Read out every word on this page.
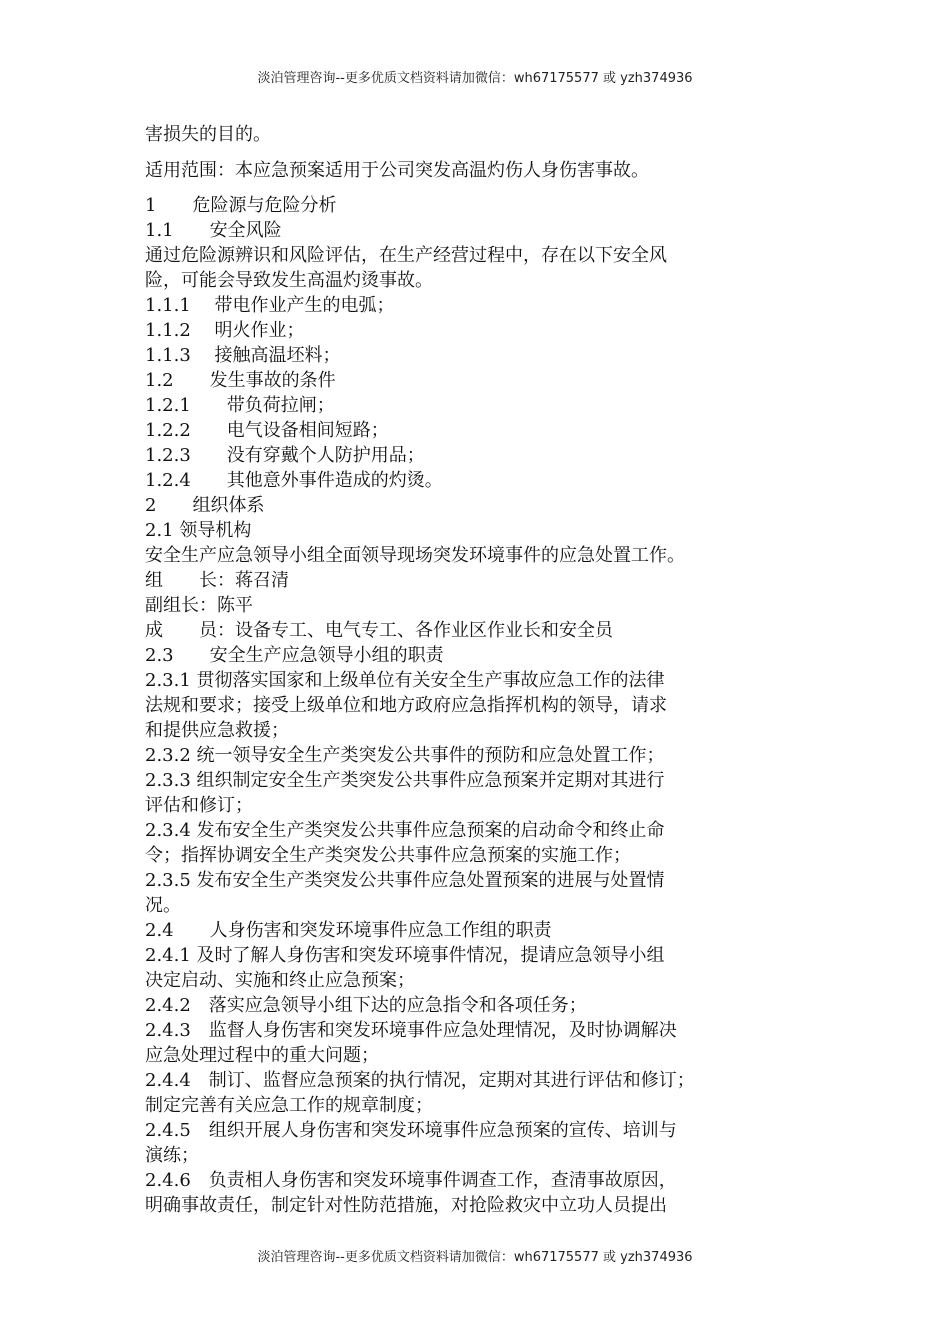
淡泊管理咨询--更多优质文档资料请加微信：wh67175577 或 yzh374936
害损失的目的。
适用范围：本应急预案适用于公司突发高温灼伤人身伤害事故。
1　　危险源与危险分析
1.1　　安全风险
通过危险源辨识和风险评估，在生产经营过程中，存在以下安全风
险，可能会导致发生高温灼烫事故。
1.1.1　 带电作业产生的电弧；
1.1.2　 明火作业；
1.1.3　 接触高温坯料；
1.2　　发生事故的条件
1.2.1　　带负荷拉闸；
1.2.2　　电气设备相间短路；
1.2.3　　没有穿戴个人防护用品；
1.2.4　　其他意外事件造成的灼烫。
2　　组织体系
2.1 领导机构
安全生产应急领导小组全面领导现场突发环境事件的应急处置工作。
组　　长：蒋召清
副组长：陈平
成　　员：设备专工、电气专工、各作业区作业长和安全员
2.3　　安全生产应急领导小组的职责
2.3.1 贯彻落实国家和上级单位有关安全生产事故应急工作的法律
法规和要求；接受上级单位和地方政府应急指挥机构的领导，请求
和提供应急救援；
2.3.2 统一领导安全生产类突发公共事件的预防和应急处置工作；
2.3.3 组织制定安全生产类突发公共事件应急预案并定期对其进行
评估和修订；
2.3.4 发布安全生产类突发公共事件应急预案的启动命令和终止命
令；指挥协调安全生产类突发公共事件应急预案的实施工作；
2.3.5 发布安全生产类突发公共事件应急处置预案的进展与处置情
况。
2.4　　人身伤害和突发环境事件应急工作组的职责
2.4.1 及时了解人身伤害和突发环境事件情况，提请应急领导小组
决定启动、实施和终止应急预案；
2.4.2　落实应急领导小组下达的应急指令和各项任务；
2.4.3　监督人身伤害和突发环境事件应急处理情况，及时协调解决
应急处理过程中的重大问题；
2.4.4　制订、监督应急预案的执行情况，定期对其进行评估和修订；
制定完善有关应急工作的规章制度；
2.4.5　组织开展人身伤害和突发环境事件应急预案的宣传、培训与
演练；
2.4.6　负责相人身伤害和突发环境事件调查工作，查清事故原因，
明确事故责任，制定针对性防范措施，对抢险救灾中立功人员提出
淡泊管理咨询--更多优质文档资料请加微信：wh67175577 或 yzh374936
